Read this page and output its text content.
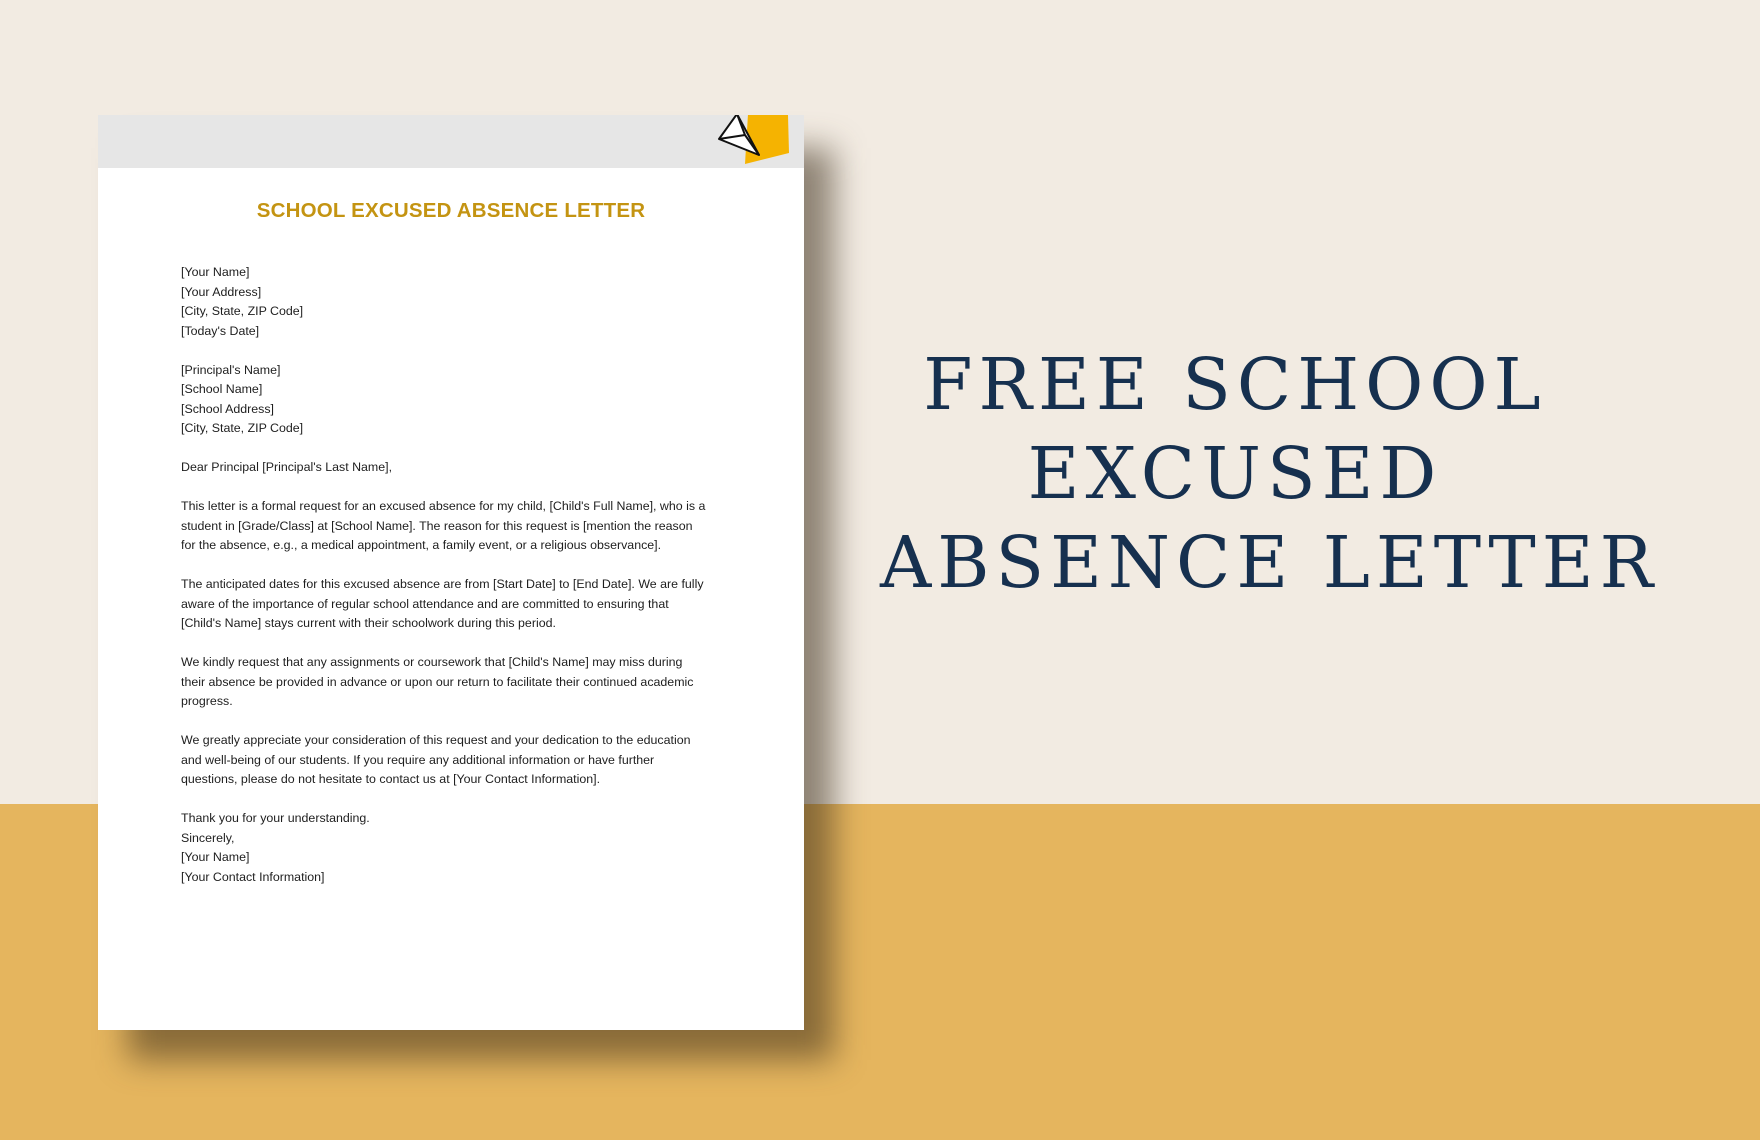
SCHOOL EXCUSED ABSENCE LETTER
[Your Name]
[Your Address]
[City, State, ZIP Code]
[Today's Date]
[Principal's Name]
[School Name]
[School Address]
[City, State, ZIP Code]
Dear Principal [Principal's Last Name],
This letter is a formal request for an excused absence for my child, [Child's Full Name], who is a
student in [Grade/Class] at [School Name]. The reason for this request is [mention the reason
for the absence, e.g., a medical appointment, a family event, or a religious observance].
The anticipated dates for this excused absence are from [Start Date] to [End Date]. We are fully
aware of the importance of regular school attendance and are committed to ensuring that
[Child's Name] stays current with their schoolwork during this period.
We kindly request that any assignments or coursework that [Child's Name] may miss during
their absence be provided in advance or upon our return to facilitate their continued academic
progress.
We greatly appreciate your consideration of this request and your dedication to the education
and well-being of our students. If you require any additional information or have further
questions, please do not hesitate to contact us at [Your Contact Information].
Thank you for your understanding.
Sincerely,
[Your Name]
[Your Contact Information]
FREE SCHOOL
EXCUSED
ABSENCE LETTER
